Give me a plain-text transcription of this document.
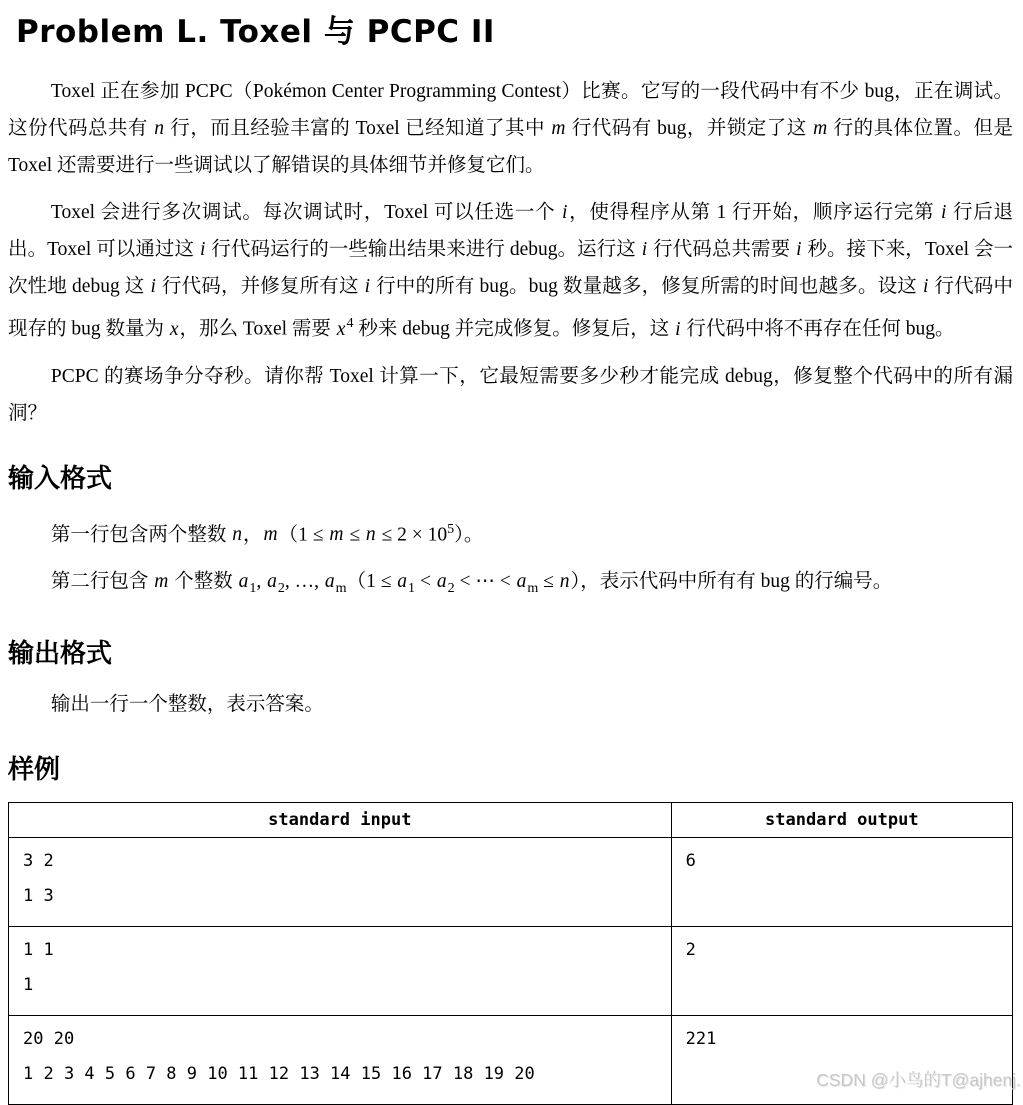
Problem L. Toxel 与 PCPC II

Toxel 正在参加 PCPC（Pokémon Center Programming Contest）比赛。它写的一段代码中有不少 bug，正在调试。这份代码总共有 n 行，而且经验丰富的 Toxel 已经知道了其中 m 行代码有 bug，并锁定了这 m 行的具体位置。但是 Toxel 还需要进行一些调试以了解错误的具体细节并修复它们。

Toxel 会进行多次调试。每次调试时，Toxel 可以任选一个 i，使得程序从第 1 行开始，顺序运行完第 i 行后退出。Toxel 可以通过这 i 行代码运行的一些输出结果来进行 debug。运行这 i 行代码总共需要 i 秒。接下来，Toxel 会一次性地 debug 这 i 行代码，并修复所有这 i 行中的所有 bug。bug 数量越多，修复所需的时间也越多。设这 i 行代码中现存的 bug 数量为 x，那么 Toxel 需要 $x^4$ 秒来 debug 并完成修复。修复后，这 i 行代码中将不再存在任何 bug。

PCPC 的赛场争分夺秒。请你帮 Toxel 计算一下，它最短需要多少秒才能完成 debug，修复整个代码中的所有漏洞？

输入格式

第一行包含两个整数 n，$m(1 \le m \le n \le 2 \times 10^5)$。

第二行包含 m 个整数 $a_1$, $a_2$, …, $a_m(1 \le a_1 < a_2$ < ⋯ < $a_m \le n$），表示代码中所有有 bug 的行编号。

输出格式

输出一行一个整数，表示答案。

样例
standard input	standard output

3 2
1 3	6

1 1
1	2

20 20
1 2 3 4 5 6 7 8 9 10 11 12 13 14 15 16 17 18 19 20	221
CSDN @小鸟的T@ajhenj.
